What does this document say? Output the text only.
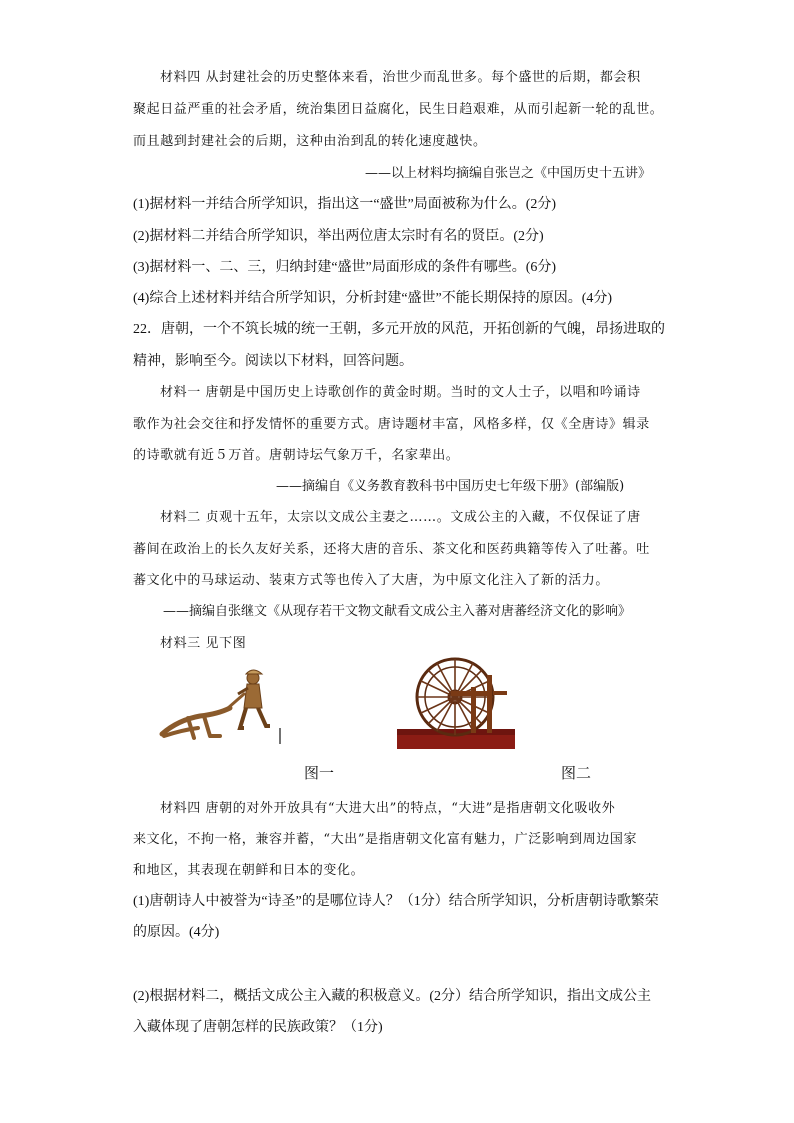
材料四 从封建社会的历史整体来看，治世少而乱世多。每个盛世的后期，都会积
聚起日益严重的社会矛盾，统治集团日益腐化，民生日趋艰难，从而引起新一轮的乱世。
而且越到封建社会的后期，这种由治到乱的转化速度越快。
——以上材料均摘编自张岂之《中国历史十五讲》
(1)据材料一并结合所学知识，指出这一“盛世”局面被称为什么。(2分)
(2)据材料二并结合所学知识，举出两位唐太宗时有名的贤臣。(2分)
(3)据材料一、二、三，归纳封建“盛世”局面形成的条件有哪些。(6分)
(4)综合上述材料并结合所学知识，分析封建“盛世”不能长期保持的原因。(4分)
22．唐朝，一个不筑长城的统一王朝，多元开放的风范，开拓创新的气魄，昂扬进取的
精神，影响至今。阅读以下材料，回答问题。
材料一 唐朝是中国历史上诗歌创作的黄金时期。当时的文人士子，以唱和吟诵诗
歌作为社会交往和抒发情怀的重要方式。唐诗题材丰富，风格多样，仅《全唐诗》辑录
的诗歌就有近５万首。唐朝诗坛气象万千，名家辈出。
——摘编自《义务教育教科书中国历史七年级下册》(部编版)
材料二 贞观十五年，太宗以文成公主妻之……。文成公主的入藏，不仅保证了唐
蕃间在政治上的长久友好关系，还将大唐的音乐、茶文化和医药典籍等传入了吐蕃。吐
蕃文化中的马球运动、装束方式等也传入了大唐，为中原文化注入了新的活力。
——摘编自张继文《从现存若干文物文献看文成公主入蕃对唐蕃经济文化的影响》
材料三 见下图
图一	图二
材料四 唐朝的对外开放具有“大进大出”的特点，“大进”是指唐朝文化吸收外
来文化，不拘一格，兼容并蓄，“大出”是指唐朝文化富有魅力，广泛影响到周边国家
和地区，其表现在朝鲜和日本的变化。
(1)唐朝诗人中被誉为“诗圣”的是哪位诗人？（1分）结合所学知识，分析唐朝诗歌繁荣
的原因。(4分)
(2)根据材料二，概括文成公主入藏的积极意义。(2分）结合所学知识，指出文成公主
入藏体现了唐朝怎样的民族政策？（1分)
